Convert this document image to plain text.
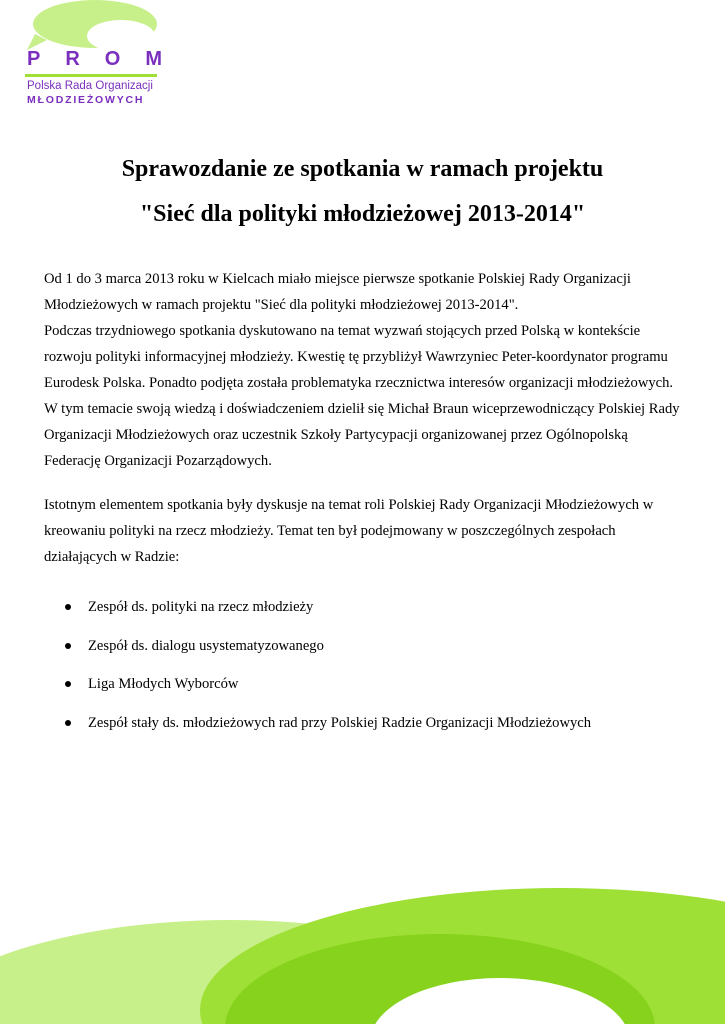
P R O M
Polska Rada Organizacji
MŁODZIEŻOWYCH
Sprawozdanie ze spotkania w ramach projektu
"Sieć dla polityki młodzieżowej 2013-2014"
Od 1 do 3 marca 2013 roku w Kielcach miało miejsce pierwsze spotkanie Polskiej Rady Organizacji
Młodzieżowych w ramach projektu "Sieć dla polityki młodzieżowej 2013-2014".
Podczas trzydniowego spotkania dyskutowano na temat wyzwań stojących przed Polską w kontekście
rozwoju polityki informacyjnej młodzieży. Kwestię tę przybliżył Wawrzyniec Peter-koordynator programu
Eurodesk Polska. Ponadto podjęta została problematyka rzecznictwa interesów organizacji młodzieżowych.
W tym temacie swoją wiedzą i doświadczeniem dzielił się Michał Braun wiceprzewodniczący Polskiej Rady
Organizacji Młodzieżowych oraz uczestnik Szkoły Partycypacji organizowanej przez Ogólnopolską
Federację Organizacji Pozarządowych.
Istotnym elementem spotkania były dyskusje na temat roli Polskiej Rady Organizacji Młodzieżowych w
kreowaniu polityki na rzecz młodzieży. Temat ten był podejmowany w poszczególnych zespołach
działających w Radzie:
Zespół ds. polityki na rzecz młodzieży
Zespół ds. dialogu usystematyzowanego
Liga Młodych Wyborców
Zespół stały ds. młodzieżowych rad przy Polskiej Radzie Organizacji Młodzieżowych
